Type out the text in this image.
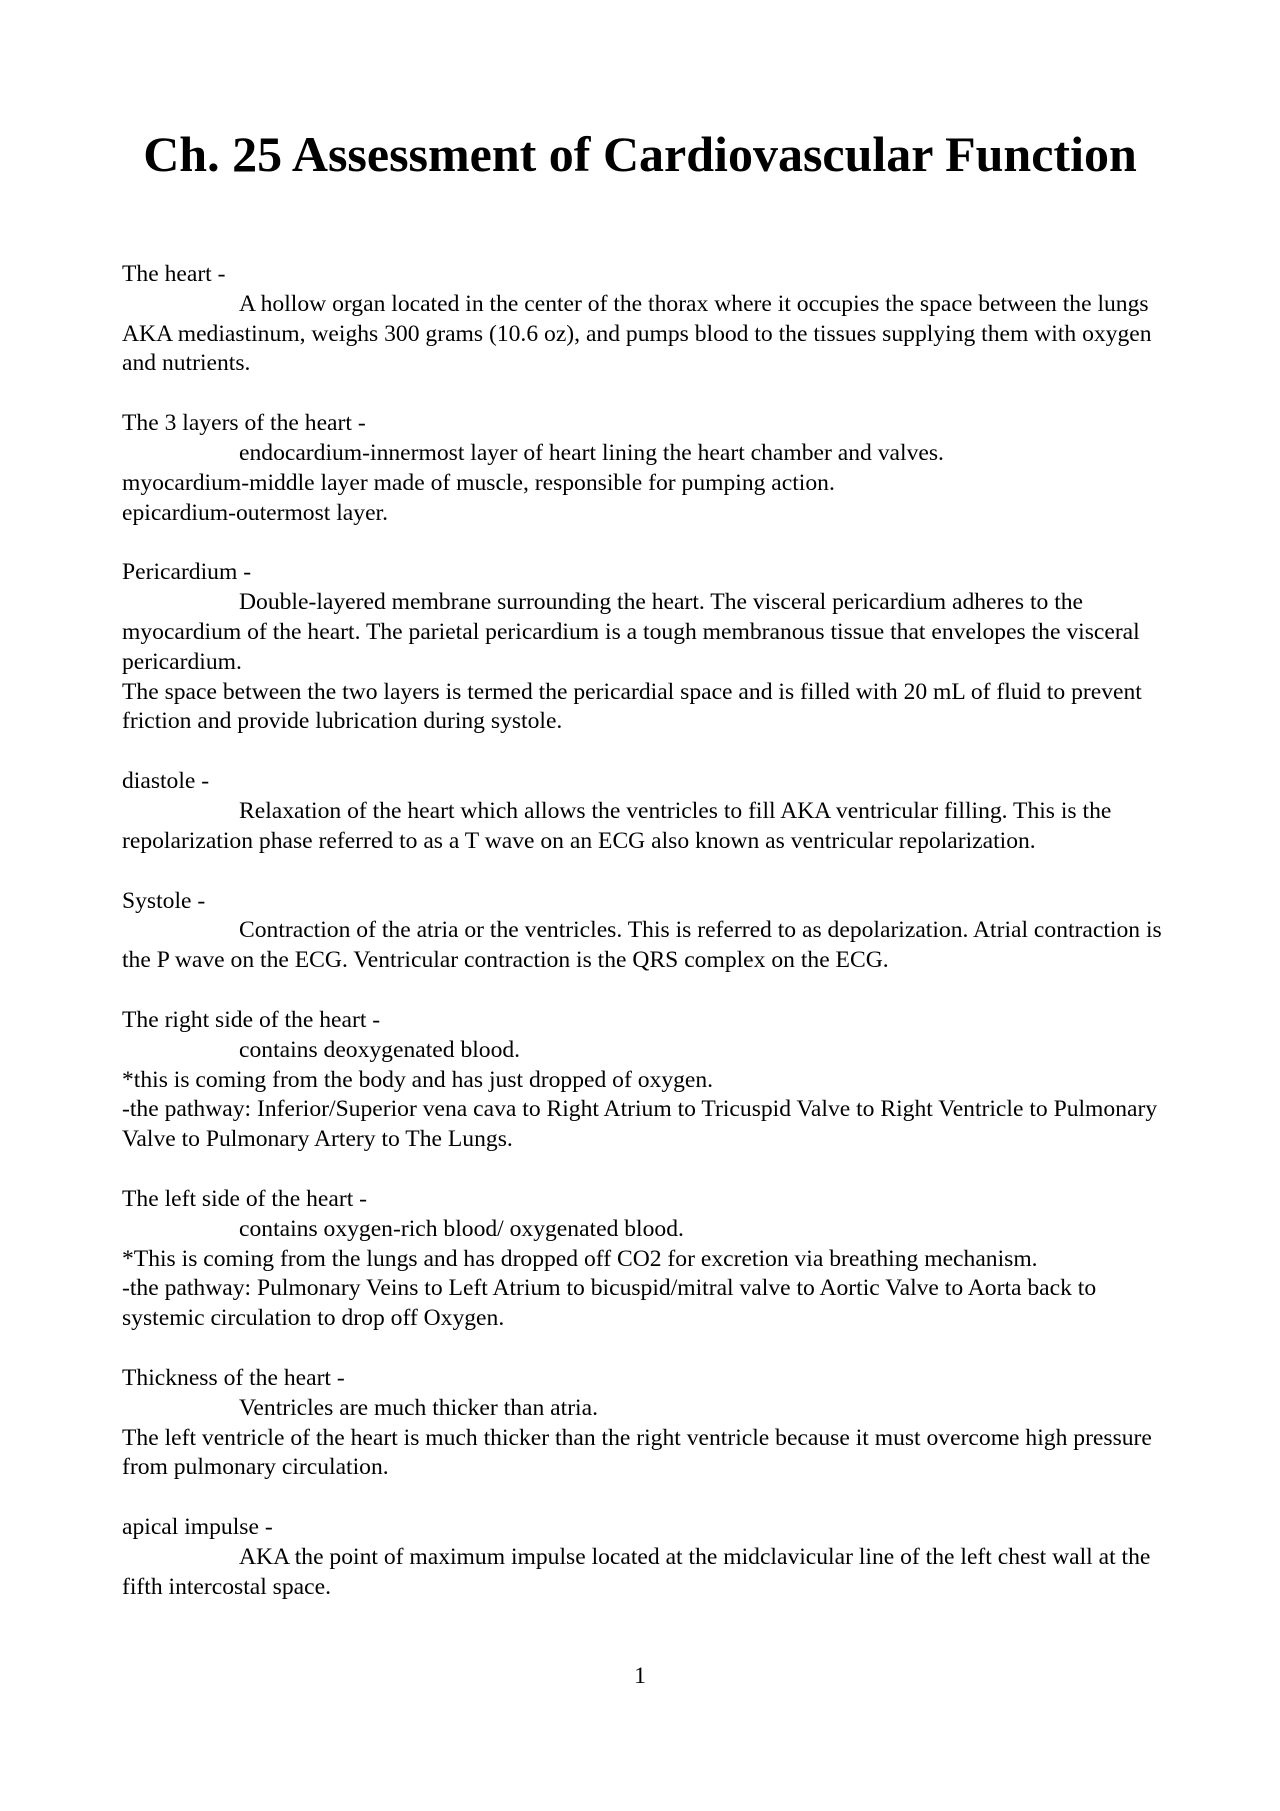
Ch. 25 Assessment of Cardiovascular Function

The heart -

A hollow organ located in the center of the thorax where it occupies the space between the lungs AKA mediastinum, weighs 300 grams (10.6 oz), and pumps blood to the tissues supplying them with oxygen and nutrients.

The 3 layers of the heart -

endocardium-innermost layer of heart lining the heart chamber and valves.

myocardium-middle layer made of muscle, responsible for pumping action.

epicardium-outermost layer.

Pericardium -

Double-layered membrane surrounding the heart. The visceral pericardium adheres to the myocardium of the heart. The parietal pericardium is a tough membranous tissue that envelopes the visceral pericardium.

The space between the two layers is termed the pericardial space and is filled with 20 mL of fluid to prevent friction and provide lubrication during systole.

diastole -

Relaxation of the heart which allows the ventricles to fill AKA ventricular filling. This is the repolarization phase referred to as a T wave on an ECG also known as ventricular repolarization.

Systole -

Contraction of the atria or the ventricles. This is referred to as depolarization. Atrial contraction is the P wave on the ECG. Ventricular contraction is the QRS complex on the ECG.

The right side of the heart -

contains deoxygenated blood.

*this is coming from the body and has just dropped of oxygen.

-the pathway: Inferior/Superior vena cava to Right Atrium to Tricuspid Valve to Right Ventricle to Pulmonary Valve to Pulmonary Artery to The Lungs.

The left side of the heart -

contains oxygen-rich blood/ oxygenated blood.

*This is coming from the lungs and has dropped off CO2 for excretion via breathing mechanism.

-the pathway: Pulmonary Veins to Left Atrium to bicuspid/mitral valve to Aortic Valve to Aorta back to systemic circulation to drop off Oxygen.

Thickness of the heart -

Ventricles are much thicker than atria.

The left ventricle of the heart is much thicker than the right ventricle because it must overcome high pressure from pulmonary circulation.

apical impulse -

AKA the point of maximum impulse located at the midclavicular line of the left chest wall at the fifth intercostal space.

1
